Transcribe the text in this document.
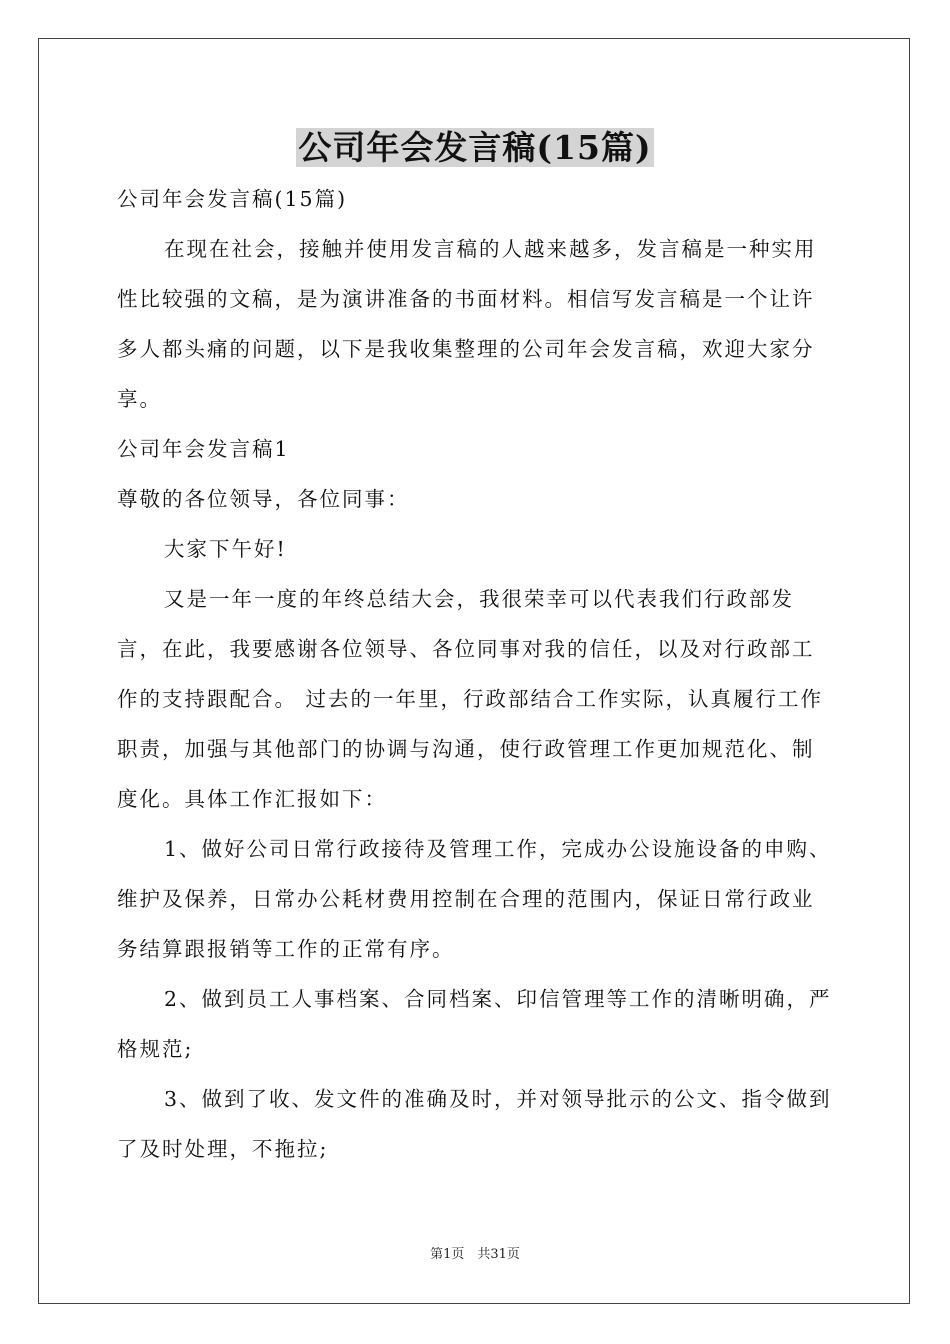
公司年会发言稿(15篇)

公司年会发言稿(15篇)

在现在社会，接触并使用发言稿的人越来越多，发言稿是一种实用性比较强的文稿，是为演讲准备的书面材料。相信写发言稿是一个让许多人都头痛的问题，以下是我收集整理的公司年会发言稿，欢迎大家分享。

公司年会发言稿1

尊敬的各位领导，各位同事：

大家下午好!

又是一年一度的年终总结大会，我很荣幸可以代表我们行政部发言，在此，我要感谢各位领导、各位同事对我的信任，以及对行政部工作的支持跟配合。 过去的一年里，行政部结合工作实际，认真履行工作职责，加强与其他部门的协调与沟通，使行政管理工作更加规范化、制度化。具体工作汇报如下：

1、做好公司日常行政接待及管理工作，完成办公设施设备的申购、维护及保养，日常办公耗材费用控制在合理的范围内，保证日常行政业务结算跟报销等工作的正常有序。

2、做到员工人事档案、合同档案、印信管理等工作的清晰明确，严格规范;

3、做到了收、发文件的准确及时，并对领导批示的公文、指令做到了及时处理，不拖拉;

第1页　共31页
